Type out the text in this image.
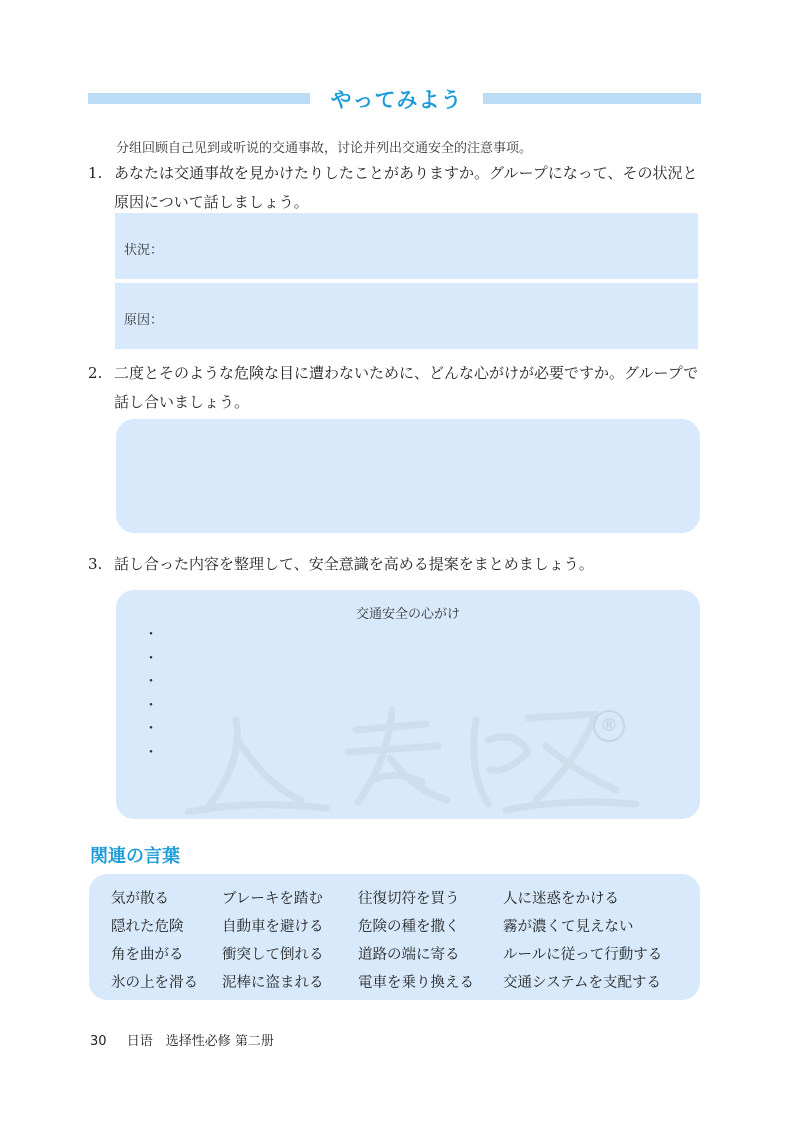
やってみよう
分组回顾自己见到或听说的交通事故，讨论并列出交通安全的注意事项。
1. あなたは交通事故を見かけたりしたことがありますか。グループになって、その状況と原因について話しましょう。
状況：
原因：
2. 二度とそのような危険な目に遭わないために、どんな心がけが必要ですか。グループで話し合いましょう。
3. 話し合った内容を整理して、安全意識を高める提案をまとめましょう。
®
交通安全の心がけ
・
・
・
・
・
・
関連の言葉
気が散る	ブレーキを踏む	往復切符を買う	人に迷惑をかける
隠れた危険	自動車を避ける	危険の種を撒く	霧が濃くて見えない
角を曲がる	衝突して倒れる	道路の端に寄る	ルールに従って行動する
氷の上を滑る	泥棒に盗まれる	電車を乗り換える	交通システムを支配する
30 日语　选择性必修 第二册
